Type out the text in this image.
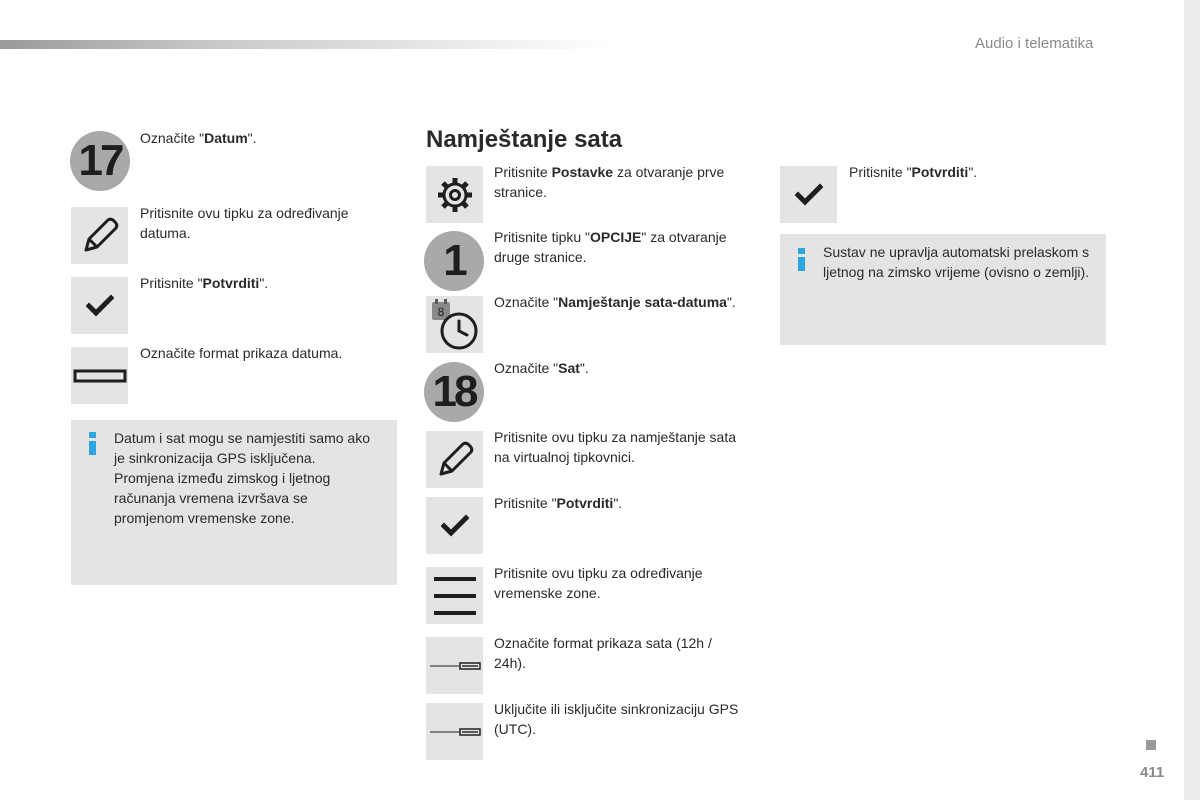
Audio i telematika
411
17	Označite "Datum".
Pritisnite ovu tipku za određivanje datuma.
Pritisnite "Potvrditi".
Označite format prikaza datuma.
Datum i sat mogu se namjestiti samo ako je sinkronizacija GPS isključena. Promjena između zimskog i ljetnog računanja vremena izvršava se promjenom vremenske zone.
Namještanje sata
Pritisnite Postavke za otvaranje prve stranice.
1	Pritisnite tipku "OPCIJE" za otvaranje druge stranice.
8
Označite "Namještanje sata-datuma".
18	Označite "Sat".
Pritisnite ovu tipku za namještanje sata na virtualnoj tipkovnici.
Pritisnite "Potvrditi".
Pritisnite ovu tipku za određivanje vremenske zone.
Označite format prikaza sata (12h / 24h).
Uključite ili isključite sinkronizaciju GPS (UTC).
Pritisnite "Potvrditi".
Sustav ne upravlja automatski prelaskom s ljetnog na zimsko vrijeme (ovisno o zemlji).
